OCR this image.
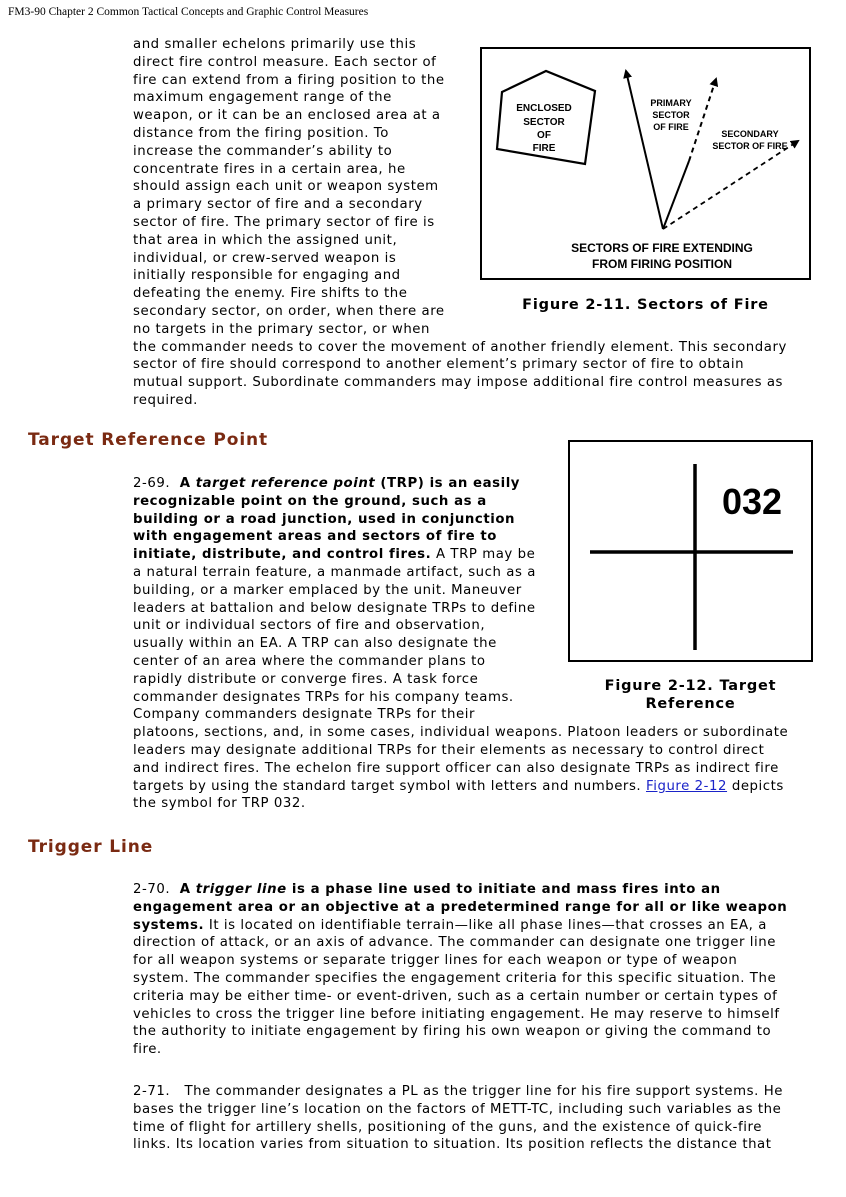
FM3-90 Chapter 2 Common Tactical Concepts and Graphic Control Measures
and smaller echelons primarily use this
direct fire control measure. Each sector of
fire can extend from a firing position to the
maximum engagement range of the
weapon, or it can be an enclosed area at a
distance from the firing position. To
increase the commander’s ability to
concentrate fires in a certain area, he
should assign each unit or weapon system
a primary sector of fire and a secondary
sector of fire. The primary sector of fire is
that area in which the assigned unit,
individual, or crew-served weapon is
initially responsible for engaging and
defeating the enemy. Fire shifts to the
secondary sector, on order, when there are
no targets in the primary sector, or when
the commander needs to cover the movement of another friendly element. This secondary
sector of fire should correspond to another element’s primary sector of fire to obtain
mutual support. Subordinate commanders may impose additional fire control measures as
required.
ENCLOSED
SECTOR
OF
FIRE
PRIMARY
SECTOR
OF FIRE
SECONDARY
SECTOR OF FIRE
SECTORS OF FIRE EXTENDING
FROM FIRING POSITION
Figure 2-11. Sectors of Fire
Target Reference Point
2-69. A target reference point (TRP) is an easily
recognizable point on the ground, such as a
building or a road junction, used in conjunction
with engagement areas and sectors of fire to
initiate, distribute, and control fires. A TRP may be
a natural terrain feature, a manmade artifact, such as a
building, or a marker emplaced by the unit. Maneuver
leaders at battalion and below designate TRPs to define
unit or individual sectors of fire and observation,
usually within an EA. A TRP can also designate the
center of an area where the commander plans to
rapidly distribute or converge fires. A task force
commander designates TRPs for his company teams.
Company commanders designate TRPs for their
platoons, sections, and, in some cases, individual weapons. Platoon leaders or subordinate
leaders may designate additional TRPs for their elements as necessary to control direct
and indirect fires. The echelon fire support officer can also designate TRPs as indirect fire
targets by using the standard target symbol with letters and numbers. Figure 2-12 depicts
the symbol for TRP 032.
032
Figure 2-12. Target
Reference
Trigger Line
2-70. A trigger line is a phase line used to initiate and mass fires into an
engagement area or an objective at a predetermined range for all or like weapon
systems. It is located on identifiable terrain—like all phase lines—that crosses an EA, a
direction of attack, or an axis of advance. The commander can designate one trigger line
for all weapon systems or separate trigger lines for each weapon or type of weapon
system. The commander specifies the engagement criteria for this specific situation. The
criteria may be either time- or event-driven, such as a certain number or certain types of
vehicles to cross the trigger line before initiating engagement. He may reserve to himself
the authority to initiate engagement by firing his own weapon or giving the command to
fire.
2-71.   The commander designates a PL as the trigger line for his fire support systems. He
bases the trigger line’s location on the factors of METT-TC, including such variables as the
time of flight for artillery shells, positioning of the guns, and the existence of quick-fire
links. Its location varies from situation to situation. Its position reflects the distance that
